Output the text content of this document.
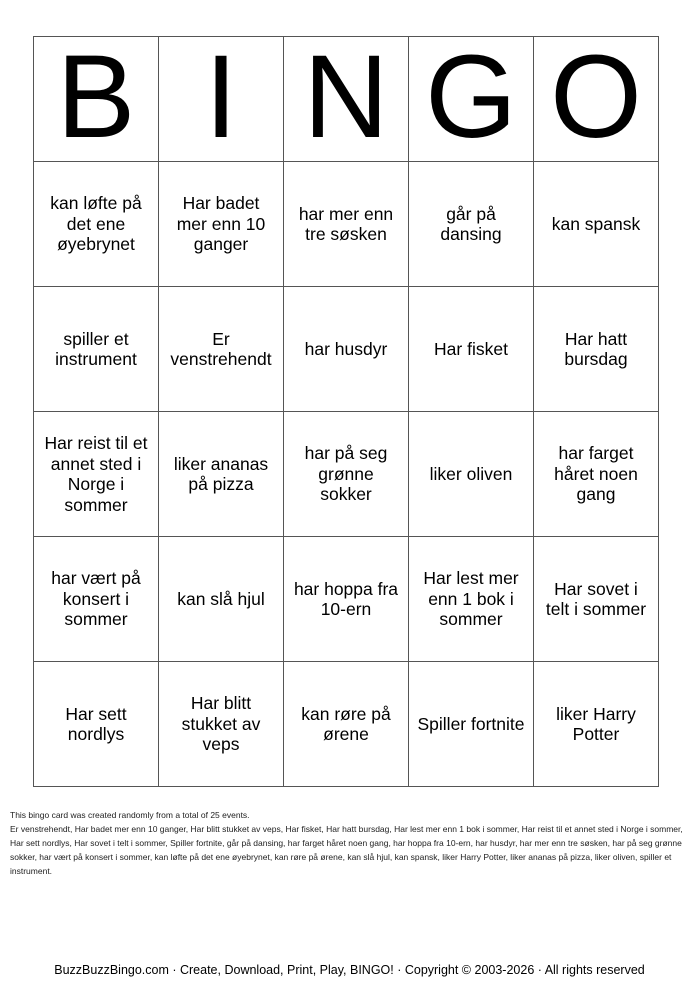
B	I	N	G	O

kan løfte på det ene øyebrynet	Har badet mer enn 10 ganger	har mer enn tre søsken	går på dansing	kan spansk

spiller et instrument	Er venstrehendt	har husdyr	Har fisket	Har hatt bursdag

Har reist til et annet sted i Norge i sommer	liker ananas på pizza	har på seg grønne sokker	liker oliven	har farget håret noen gang

har vært på konsert i sommer	kan slå hjul	har hoppa fra 10-ern	Har lest mer enn 1 bok i sommer	Har sovet i telt i sommer

Har sett nordlys	Har blitt stukket av veps	kan røre på ørene	Spiller fortnite	liker Harry Potter

This bingo card was created randomly from a total of 25 events.

Er venstrehendt, Har badet mer enn 10 ganger, Har blitt stukket av veps, Har fisket, Har hatt bursdag, Har lest mer enn 1 bok i sommer, Har reist til et annet sted i Norge i sommer, Har sett nordlys, Har sovet i telt i sommer, Spiller fortnite, går på dansing, har farget håret noen gang, har hoppa fra 10-ern, har husdyr, har mer enn tre søsken, har på seg grønne sokker, har vært på konsert i sommer, kan løfte på det ene øyebrynet, kan røre på ørene, kan slå hjul, kan spansk, liker Harry Potter, liker ananas på pizza, liker oliven, spiller et instrument.

BuzzBuzzBingo.com · Create, Download, Print, Play, BINGO! · Copyright © 2003-2026 · All rights reserved
